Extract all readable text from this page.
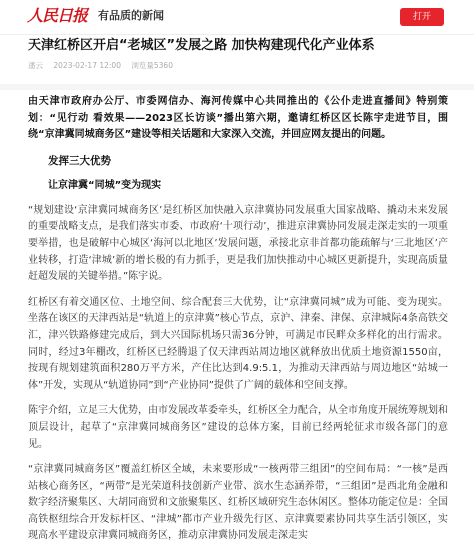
人民日报 有品质的新闻	打开
天津红桥区开启“老城区”发展之路 加快构建现代化产业体系
潘云 2023-02-17 12:00 浏览量5360

由天津市政府办公厅、市委网信办、海河传媒中心共同推出的《公仆走进直播间》特别策划：“见行动 看效果——2023区长访谈”播出第六期，邀请红桥区区长陈宇走进节目，围绕“京津冀同城商务区”建设等相关话题和大家深入交流，并回应网友提出的问题。

发挥三大优势
让京津冀“同城”变为现实

“规划建设‘京津冀同城商务区’是红桥区加快融入京津冀协同发展重大国家战略、撬动未来发展的重要战略支点，是我们落实市委、市政府‘十项行动’，推进京津冀协同发展走深走实的一项重要举措，也是破解中心城区‘海河以北地区’发展问题，承接北京非首都功能疏解与‘三北地区’产业转移，打造‘津城’新的增长极的有力抓手，更是我们加快推动中心城区更新提升，实现高质量赶超发展的关键举措。”陈宇说。

红桥区有着交通区位、土地空间、综合配套三大优势，让“京津冀同城”成为可能、变为现实。坐落在该区的天津西站是“轨道上的京津冀”核心节点，京沪、津秦、津保、京津城际4条高铁交汇，津兴铁路修建完成后，到大兴国际机场只需36分钟，可满足市民畔众多样化的出行需求。同时，经过3年棚改，红桥区已经腾退了仅天津西站周边地区就释放出优质土地资源1550亩，按现有规划建筑面积280万平方米，产住比达到4.9:5.1，为推动天津西站与周边地区“站城一体”开发，实现从“轨道协同”到“产业协同”提供了广阔的载体和空间支撑。

陈宇介绍，立足三大优势，由市发展改革委牵头，红桥区全力配合，从全市角度开展统筹规划和顶层设计，起草了“京津冀同城商务区”建设的总体方案，目前已经两轮征求市级各部门的意见。

“京津冀同城商务区”覆盖红桥区全域，未来要形成“一核两带三组团”的空间布局：“一核”是西站核心商务区，“两带”是光荣道科技创新产业带、滨水生态涵养带，“三组团”是西北角金融和数字经济聚集区、大胡同商贸和文旅聚集区、红桥区域研究生态休闲区。整体功能定位是：全国高铁枢纽综合开发标杆区、“津城”都市产业升级先行区、京津冀要素协同共享生活引领区，实现高水平建设京津冀同城商务区，推动京津冀协同发展走深走实
